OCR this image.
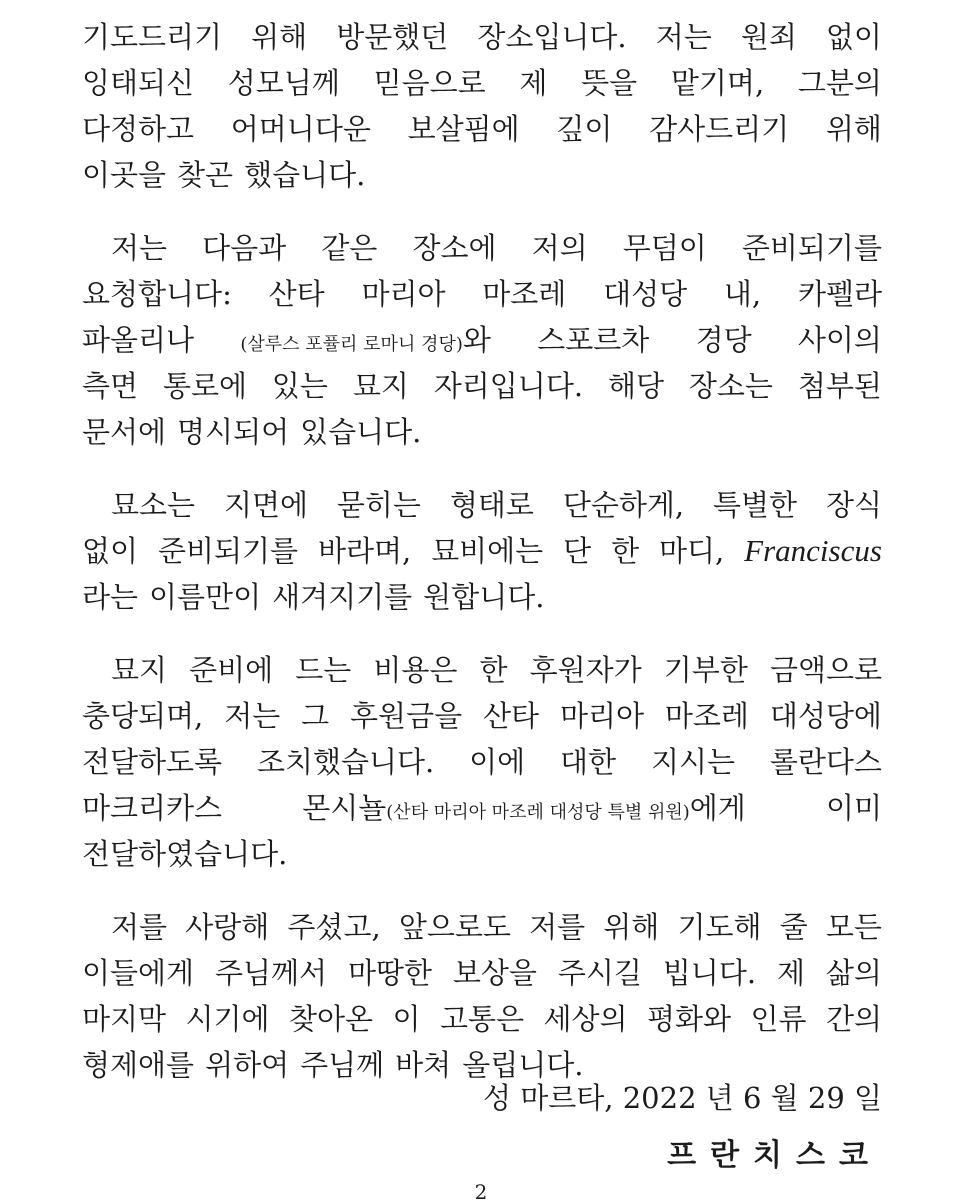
기도드리기 위해 방문했던 장소입니다. 저는 원죄 없이
잉태되신 성모님께 믿음으로 제 뜻을 맡기며, 그분의
다정하고 어머니다운 보살핌에 깊이 감사드리기 위해
이곳을 찾곤 했습니다.
저는 다음과 같은 장소에 저의 무덤이 준비되기를
요청합니다: 산타 마리아 마조레 대성당 내, 카펠라
파올리나	(살루스 포퓰리 로마니 경당)와 스포르차 경당 사이의
측면 통로에 있는 묘지 자리입니다. 해당 장소는 첨부된
문서에 명시되어 있습니다.
묘소는 지면에 묻히는 형태로 단순하게, 특별한 장식
없이 준비되기를 바라며, 묘비에는 단 한 마디, Franciscus
라는 이름만이 새겨지기를 원합니다.
묘지 준비에 드는 비용은 한 후원자가 기부한 금액으로
충당되며, 저는 그 후원금을 산타 마리아 마조레 대성당에
전달하도록 조치했습니다. 이에 대한 지시는 롤란다스
마크리카스	몬시뇰(산타 마리아 마조레 대성당 특별 위원)에게	이미
전달하였습니다.
저를 사랑해 주셨고, 앞으로도 저를 위해 기도해 줄 모든
이들에게 주님께서 마땅한 보상을 주시길 빕니다. 제 삶의
마지막 시기에 찾아온 이 고통은 세상의 평화와 인류 간의
형제애를 위하여 주님께 바쳐 올립니다.
성 마르타, 2022 년 6 월 29 일
프란치스코
2
